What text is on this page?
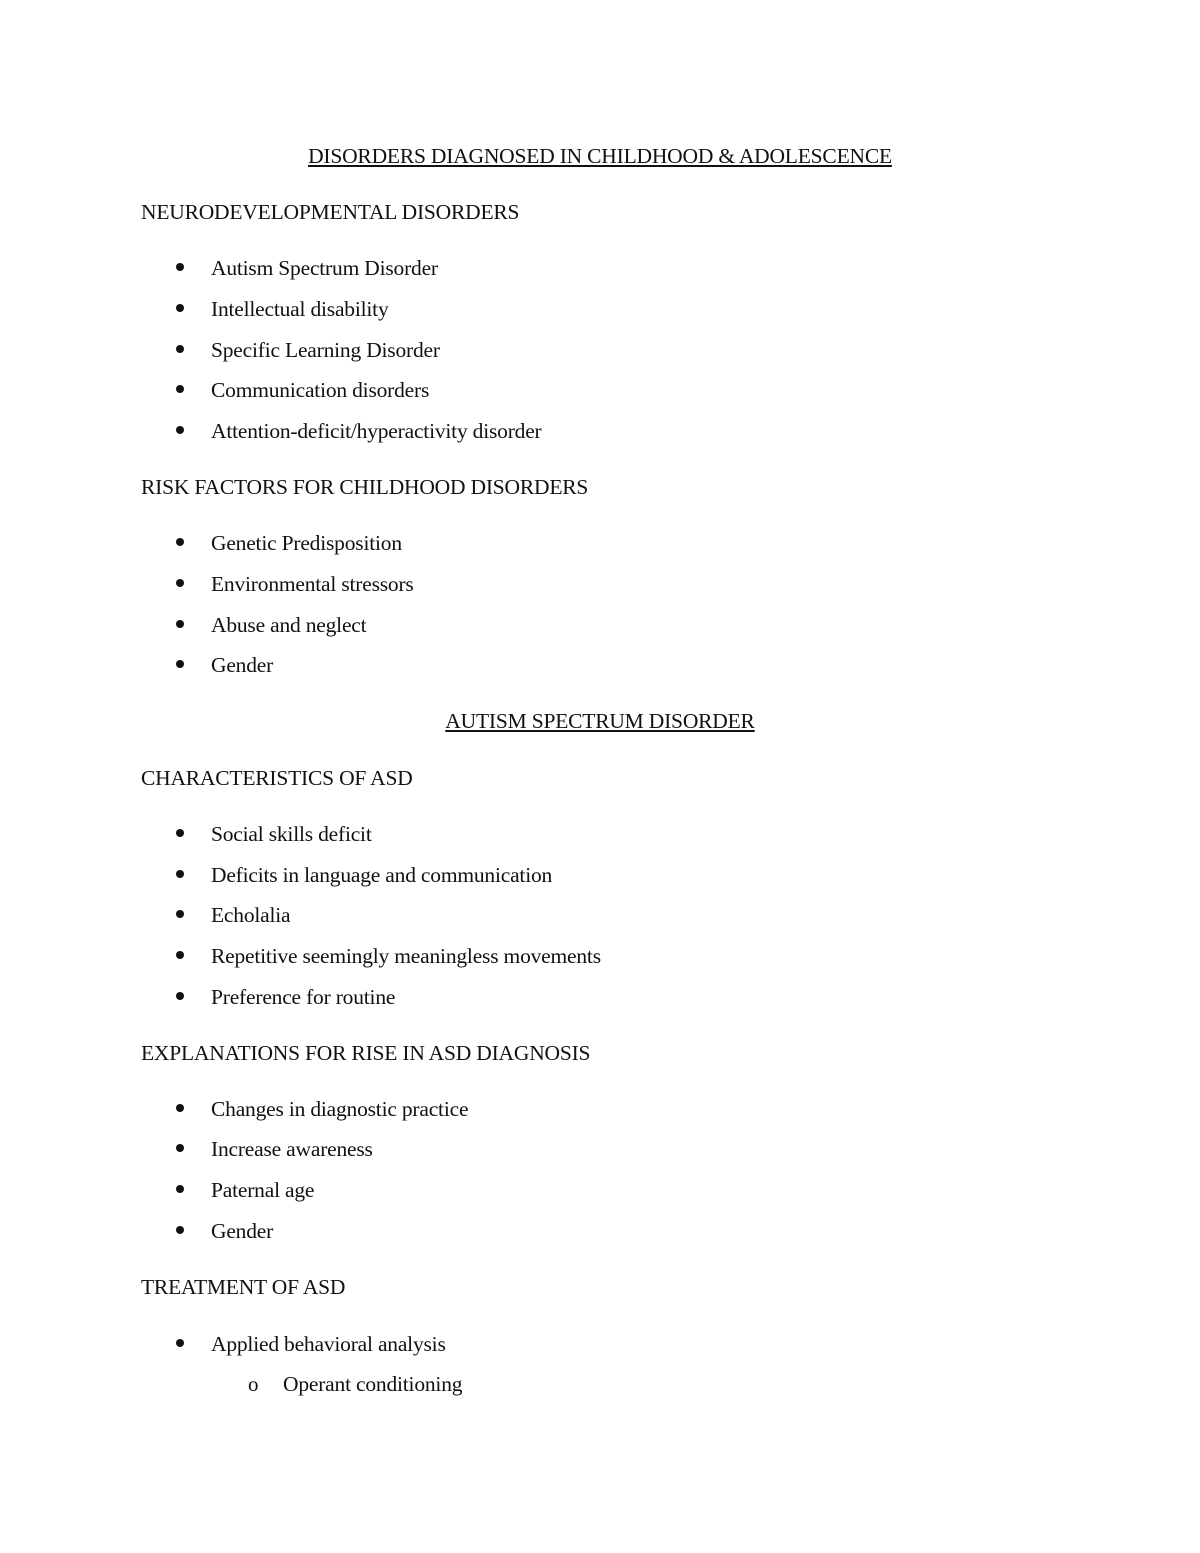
DISORDERS DIAGNOSED IN CHILDHOOD & ADOLESCENCE
NEURODEVELOPMENTAL DISORDERS
Autism Spectrum Disorder
Intellectual disability
Specific Learning Disorder
Communication disorders
Attention-deficit/hyperactivity disorder
RISK FACTORS FOR CHILDHOOD DISORDERS
Genetic Predisposition
Environmental stressors
Abuse and neglect
Gender
AUTISM SPECTRUM DISORDER
CHARACTERISTICS OF ASD
Social skills deficit
Deficits in language and communication
Echolalia
Repetitive seemingly meaningless movements
Preference for routine
EXPLANATIONS FOR RISE IN ASD DIAGNOSIS
Changes in diagnostic practice
Increase awareness
Paternal age
Gender
TREATMENT OF ASD
Applied behavioral analysis
o Operant conditioning
